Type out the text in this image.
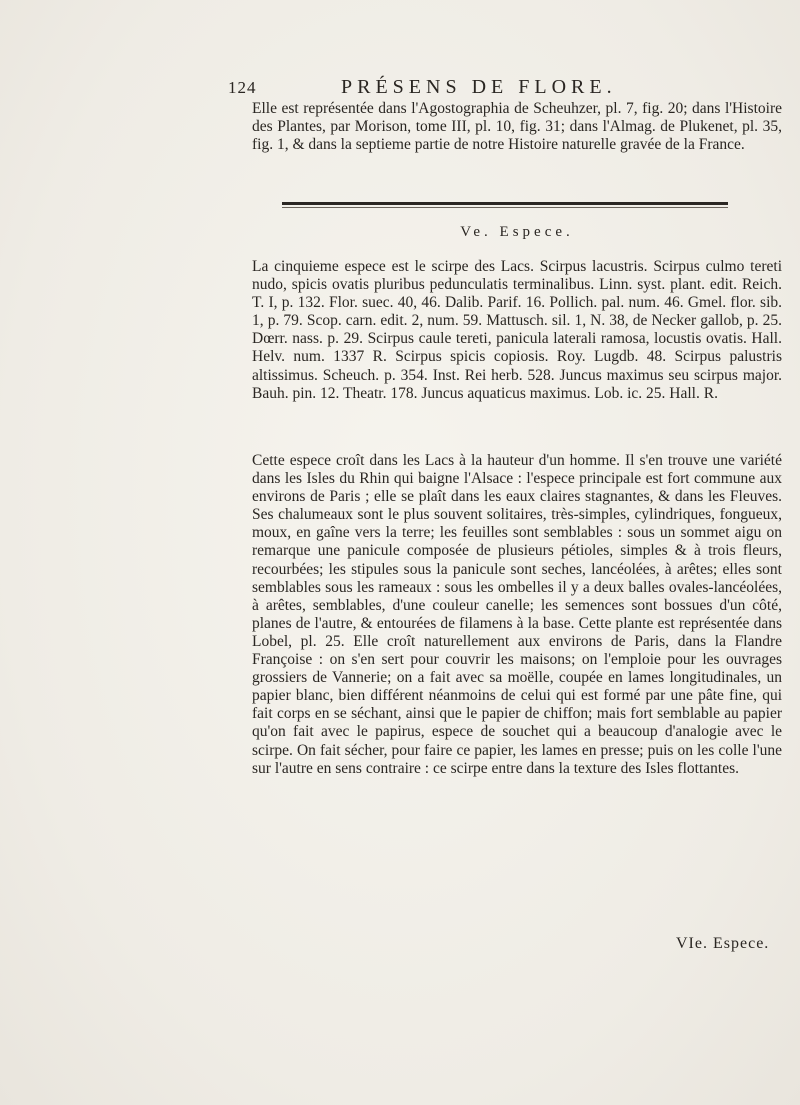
124	PRÉSENS DE FLORE.
Elle est représentée dans l'Agostographia de Scheuhzer, pl. 7, fig. 20; dans l'Histoire des Plantes, par Morison, tome III, pl. 10, fig. 31; dans l'Almag. de Plukenet, pl. 35, fig. 1, & dans la septieme partie de notre Histoire naturelle gravée de la France.
Ve. Espece.
La cinquieme espece est le scirpe des Lacs. Scirpus lacustris. Scirpus culmo tereti nudo, spicis ovatis pluribus pedunculatis terminalibus. Linn. syst. plant. edit. Reich. T. I, p. 132. Flor. suec. 40, 46. Dalib. Parif. 16. Pollich. pal. num. 46. Gmel. flor. sib. 1, p. 79. Scop. carn. edit. 2, num. 59. Mattusch. sil. 1, N. 38, de Necker gallob, p. 25. Dœrr. nass. p. 29. Scirpus caule tereti, panicula laterali ramosa, locustis ovatis. Hall. Helv. num. 1337 R. Scirpus spicis copiosis. Roy. Lugdb. 48. Scirpus palustris altissimus. Scheuch. p. 354. Inst. Rei herb. 528. Juncus maximus seu scirpus major. Bauh. pin. 12. Theatr. 178. Juncus aquaticus maximus. Lob. ic. 25. Hall. R.
Cette espece croît dans les Lacs à la hauteur d'un homme. Il s'en trouve une variété dans les Isles du Rhin qui baigne l'Alsace : l'espece principale est fort commune aux environs de Paris ; elle se plaît dans les eaux claires stagnantes, & dans les Fleuves. Ses chalumeaux sont le plus souvent solitaires, très-simples, cylindriques, fongueux, moux, en gaîne vers la terre; les feuilles sont semblables : sous un sommet aigu on remarque une panicule composée de plusieurs pétioles, simples & à trois fleurs, recourbées; les stipules sous la panicule sont seches, lancéolées, à arêtes; elles sont semblables sous les rameaux : sous les ombelles il y a deux balles ovales-lancéolées, à arêtes, semblables, d'une couleur canelle; les semences sont bossues d'un côté, planes de l'autre, & entourées de filamens à la base. Cette plante est représentée dans Lobel, pl. 25. Elle croît naturellement aux environs de Paris, dans la Flandre Françoise : on s'en sert pour couvrir les maisons; on l'emploie pour les ouvrages grossiers de Vannerie; on a fait avec sa moëlle, coupée en lames longitudinales, un papier blanc, bien différent néanmoins de celui qui est formé par une pâte fine, qui fait corps en se séchant, ainsi que le papier de chiffon; mais fort semblable au papier qu'on fait avec le papirus, espece de souchet qui a beaucoup d'analogie avec le scirpe. On fait sécher, pour faire ce papier, les lames en presse; puis on les colle l'une sur l'autre en sens contraire : ce scirpe entre dans la texture des Isles flottantes.
VIe. Espece.
